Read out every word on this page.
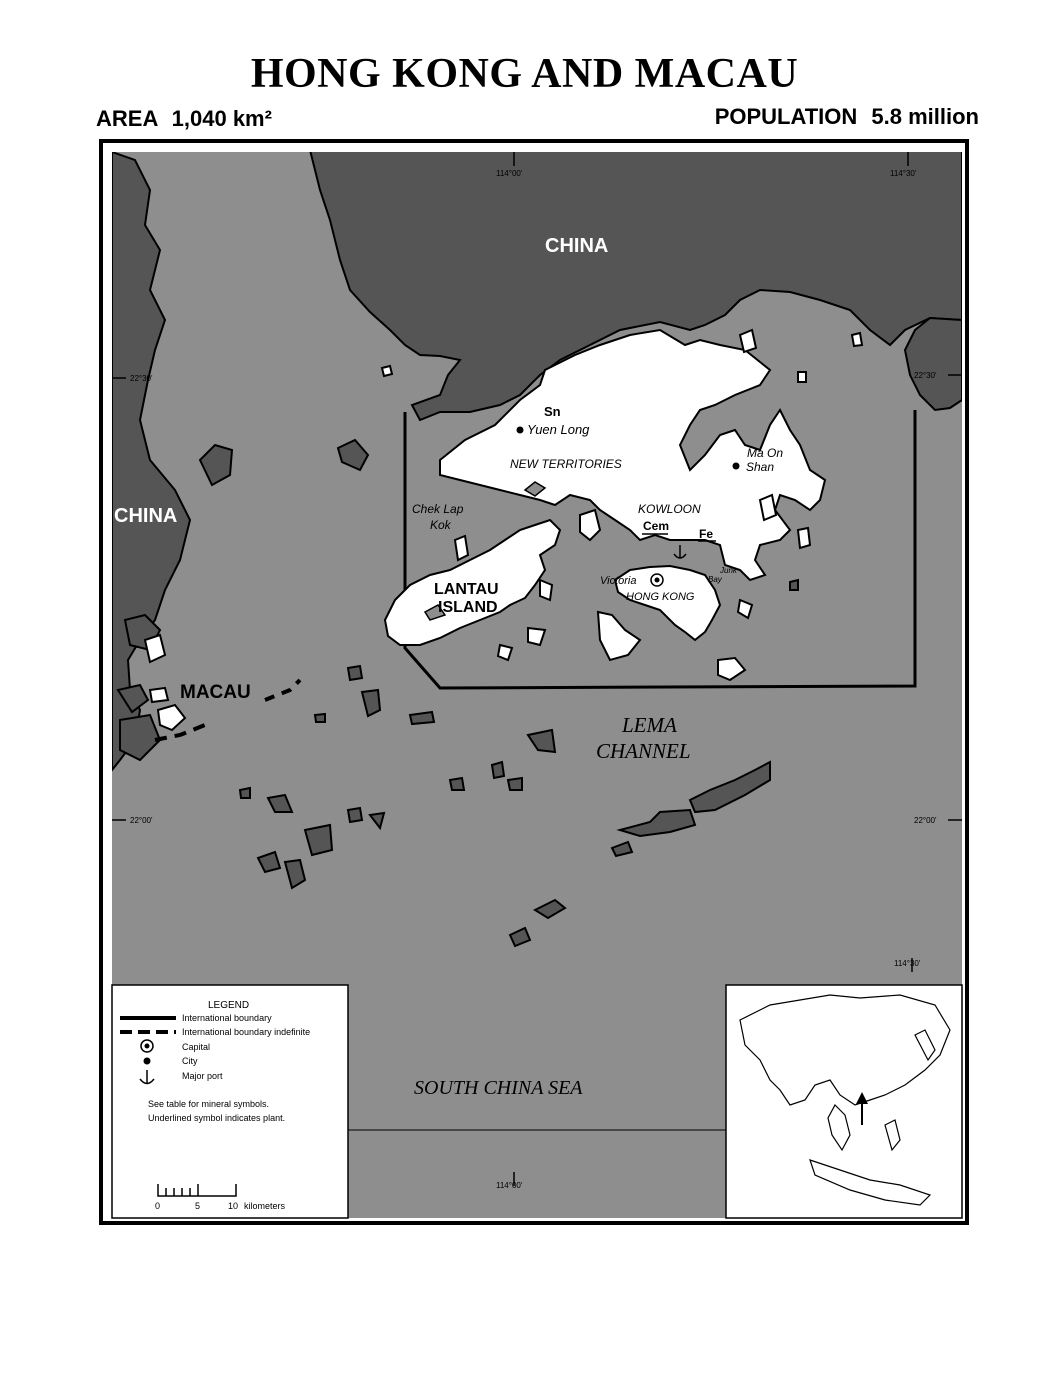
HONG KONG AND MACAU
AREA 1,040 km²	POPULATION 5.8 million
CHINA
CHINA
MACAU
LANTAU
ISLAND
NEW TERRITORIES
Yuen Long
Sn
Ma On
Shan
KOWLOON
Cem
Fe
Chek Lap
Kok
Victoria
HONG KONG
Junk
Bay
LEMA
CHANNEL
SOUTH CHINA SEA
114°00'	114°30'
22°30'	22°30'
22°00'	22°00'
114°30'
114°00'
LEGEND
International boundary
International boundary indefinite
Capital
City
Major port
See table for mineral symbols.
Underlined symbol indicates plant.
0	5	10 kilometers
